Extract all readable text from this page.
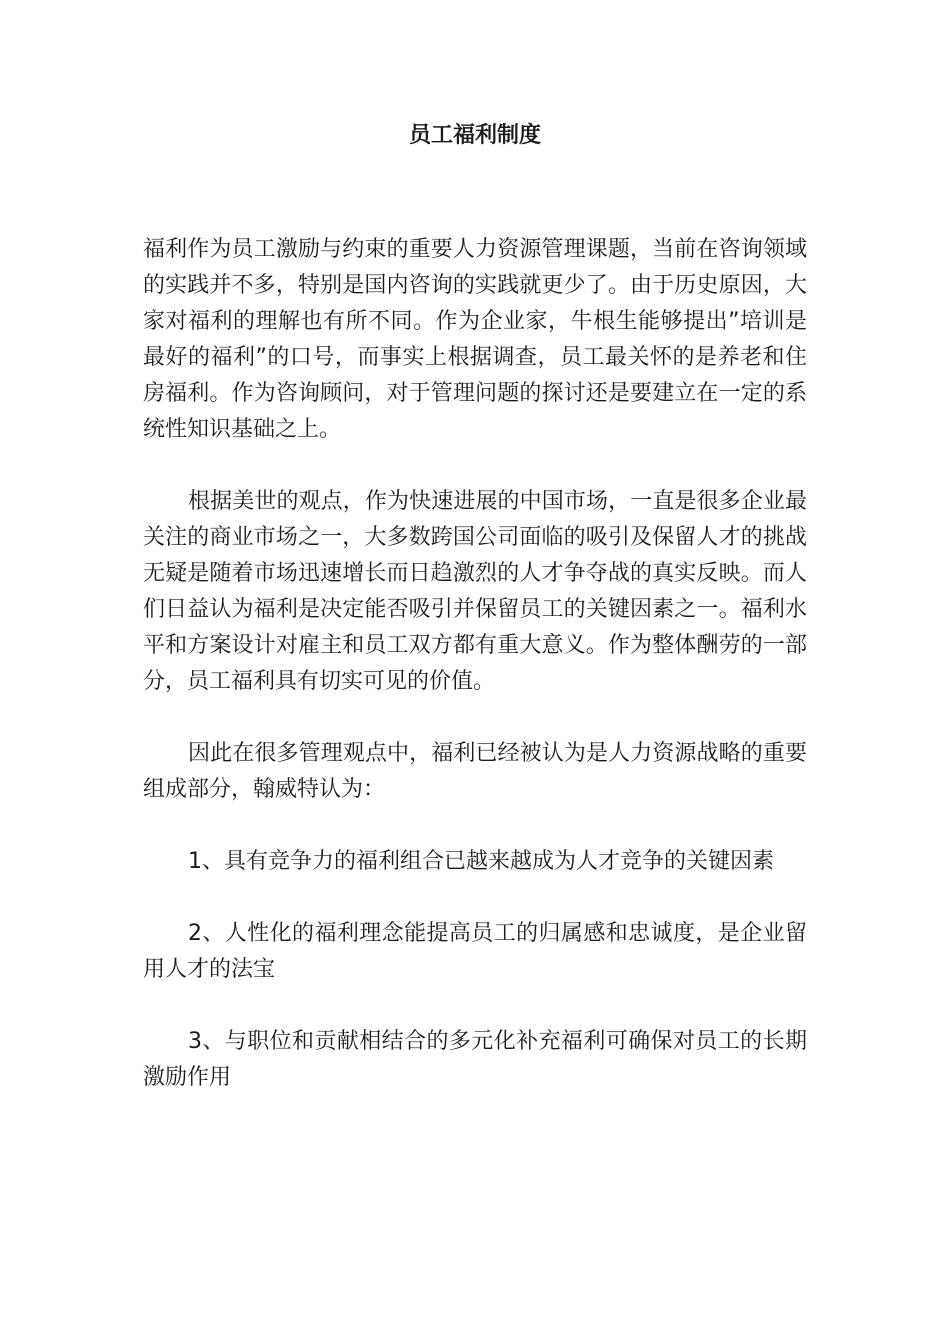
员工福利制度

福利作为员工激励与约束的重要人力资源管理课题，当前在咨询领域的实践并不多，特别是国内咨询的实践就更少了。由于历史原因，大家对福利的理解也有所不同。作为企业家，牛根生能够提出”培训是最好的福利”的口号，而事实上根据调查，员工最关怀的是养老和住房福利。作为咨询顾问，对于管理问题的探讨还是要建立在一定的系统性知识基础之上。

根据美世的观点，作为快速进展的中国市场，一直是很多企业最关注的商业市场之一，大多数跨国公司面临的吸引及保留人才的挑战无疑是随着市场迅速增长而日趋激烈的人才争夺战的真实反映。而人们日益认为福利是决定能否吸引并保留员工的关键因素之一。福利水平和方案设计对雇主和员工双方都有重大意义。作为整体酬劳的一部分，员工福利具有切实可见的价值。

因此在很多管理观点中，福利已经被认为是人力资源战略的重要组成部分，翰威特认为：

1、具有竞争力的福利组合已越来越成为人才竞争的关键因素

2、人性化的福利理念能提高员工的归属感和忠诚度，是企业留用人才的法宝

3、与职位和贡献相结合的多元化补充福利可确保对员工的长期激励作用
